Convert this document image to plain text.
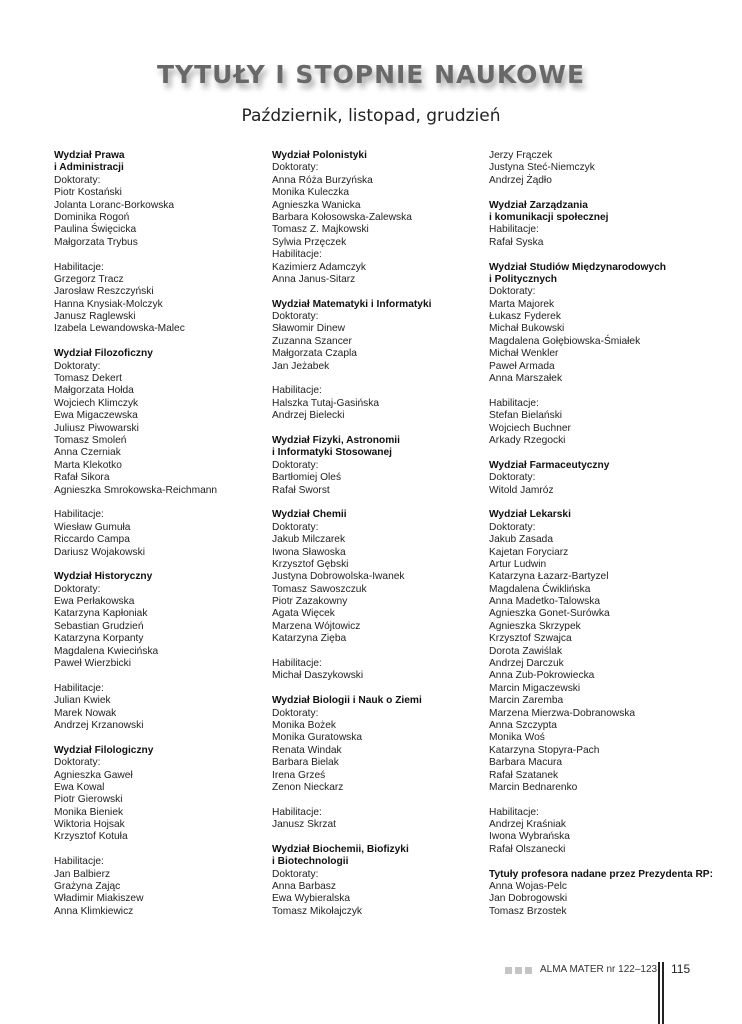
TYTUŁY I STOPNIE NAUKOWE
Październik, listopad, grudzień
Wydział Prawa
i Administracji
Doktoraty:
Piotr Kostański
Jolanta Loranc-Borkowska
Dominika Rogoń
Paulina Święcicka
Małgorzata Trybus
Habilitacje:
Grzegorz Tracz
Jarosław Reszczyński
Hanna Knysiak-Molczyk
Janusz Raglewski
Izabela Lewandowska-Malec
Wydział Filozoficzny
Doktoraty:
Tomasz Dekert
Małgorzata Hołda
Wojciech Klimczyk
Ewa Migaczewska
Juliusz Piwowarski
Tomasz Smoleń
Anna Czerniak
Marta Klekotko
Rafał Sikora
Agnieszka Smrokowska-Reichmann
Habilitacje:
Wiesław Gumuła
Riccardo Campa
Dariusz Wojakowski
Wydział Historyczny
Doktoraty:
Ewa Perłakowska
Katarzyna Kapłoniak
Sebastian Grudzień
Katarzyna Korpanty
Magdalena Kwiecińska
Paweł Wierzbicki
Habilitacje:
Julian Kwiek
Marek Nowak
Andrzej Krzanowski
Wydział Filologiczny
Doktoraty:
Agnieszka Gaweł
Ewa Kowal
Piotr Gierowski
Monika Bieniek
Wiktoria Hojsak
Krzysztof Kotuła
Habilitacje:
Jan Balbierz
Grażyna Zając
Władimir Miakiszew
Anna Klimkiewicz
Wydział Polonistyki
Doktoraty:
Anna Róża Burzyńska
Monika Kuleczka
Agnieszka Wanicka
Barbara Kołosowska-Zalewska
Tomasz Z. Majkowski
Sylwia Przęczek
Habilitacje:
Kazimierz Adamczyk
Anna Janus-Sitarz
Wydział Matematyki i Informatyki
Doktoraty:
Sławomir Dinew
Zuzanna Szancer
Małgorzata Czapla
Jan Jeżabek
Habilitacje:
Halszka Tutaj-Gasińska
Andrzej Bielecki
Wydział Fizyki, Astronomii
i Informatyki Stosowanej
Doktoraty:
Bartłomiej Oleś
Rafał Sworst
Wydział Chemii
Doktoraty:
Jakub Milczarek
Iwona Sławoska
Krzysztof Gębski
Justyna Dobrowolska-Iwanek
Tomasz Sawoszczuk
Piotr Zazakowny
Agata Więcek
Marzena Wójtowicz
Katarzyna Zięba
Habilitacje:
Michał Daszykowski
Wydział Biologii i Nauk o Ziemi
Doktoraty:
Monika Bożek
Monika Guratowska
Renata Windak
Barbara Bielak
Irena Grześ
Zenon Nieckarz
Habilitacje:
Janusz Skrzat
Wydział Biochemii, Biofizyki
i Biotechnologii
Doktoraty:
Anna Barbasz
Ewa Wybieralska
Tomasz Mikołajczyk
Jerzy Frączek
Justyna Steć-Niemczyk
Andrzej Żądło
Wydział Zarządzania
i komunikacji społecznej
Habilitacje:
Rafał Syska
Wydział Studiów Międzynarodowych
i Politycznych
Doktoraty:
Marta Majorek
Łukasz Fyderek
Michał Bukowski
Magdalena Gołębiowska-Śmiałek
Michał Wenkler
Paweł Armada
Anna Marszałek
Habilitacje:
Stefan Bielański
Wojciech Buchner
Arkady Rzegocki
Wydział Farmaceutyczny
Doktoraty:
Witold Jamróz
Wydział Lekarski
Doktoraty:
Jakub Zasada
Kajetan Foryciarz
Artur Ludwin
Katarzyna Łazarz-Bartyzel
Magdalena Ćwiklińska
Anna Madetko-Talowska
Agnieszka Gonet-Surówka
Agnieszka Skrzypek
Krzysztof Szwajca
Dorota Zawiślak
Andrzej Darczuk
Anna Zub-Pokrowiecka
Marcin Migaczewski
Marcin Zaremba
Marzena Mierzwa-Dobranowska
Anna Szczypta
Monika Woś
Katarzyna Stopyra-Pach
Barbara Macura
Rafał Szatanek
Marcin Bednarenko
Habilitacje:
Andrzej Kraśniak
Iwona Wybrańska
Rafał Olszanecki
Tytuły profesora nadane przez Prezydenta RP:
Anna Wojas-Pelc
Jan Dobrogowski
Tomasz Brzostek
ALMA MATER nr 122–123 115
